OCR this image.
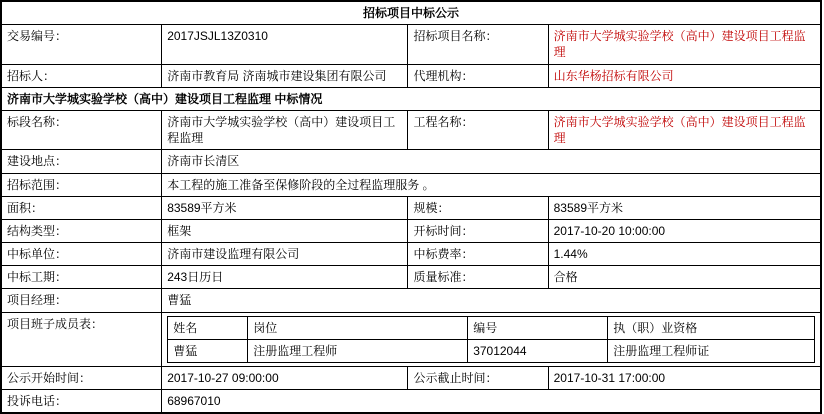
招标项目中标公示
交易编号：	2017JSJL13Z0310	招标项目名称：	济南市大学城实验学校（高中）建设项目工程监理
招标人：	济南市教育局 济南城市建设集团有限公司	代理机构：	山东华杨招标有限公司
济南市大学城实验学校（高中）建设项目工程监理 中标情况
标段名称：	济南市大学城实验学校（高中）建设项目工程监理	工程名称：	济南市大学城实验学校（高中）建设项目工程监理
建设地点：	济南市长清区
招标范围：	本工程的施工准备至保修阶段的全过程监理服务 。
面积：	83589平方米	规模：	83589平方米
结构类型：	框架	开标时间：	2017-10-20 10:00:00
中标单位：	济南市建设监理有限公司	中标费率：	1.44%
中标工期：	243日历日	质量标准：	合格
项目经理：	曹猛
项目班子成员表：		姓名	岗位	编号	执（职）业资格
曹猛	注册监理工程师	37012044	注册监理工程师证

公示开始时间：	2017-10-27 09:00:00	公示截止时间：	2017-10-31 17:00:00
投诉电话：	68967010
